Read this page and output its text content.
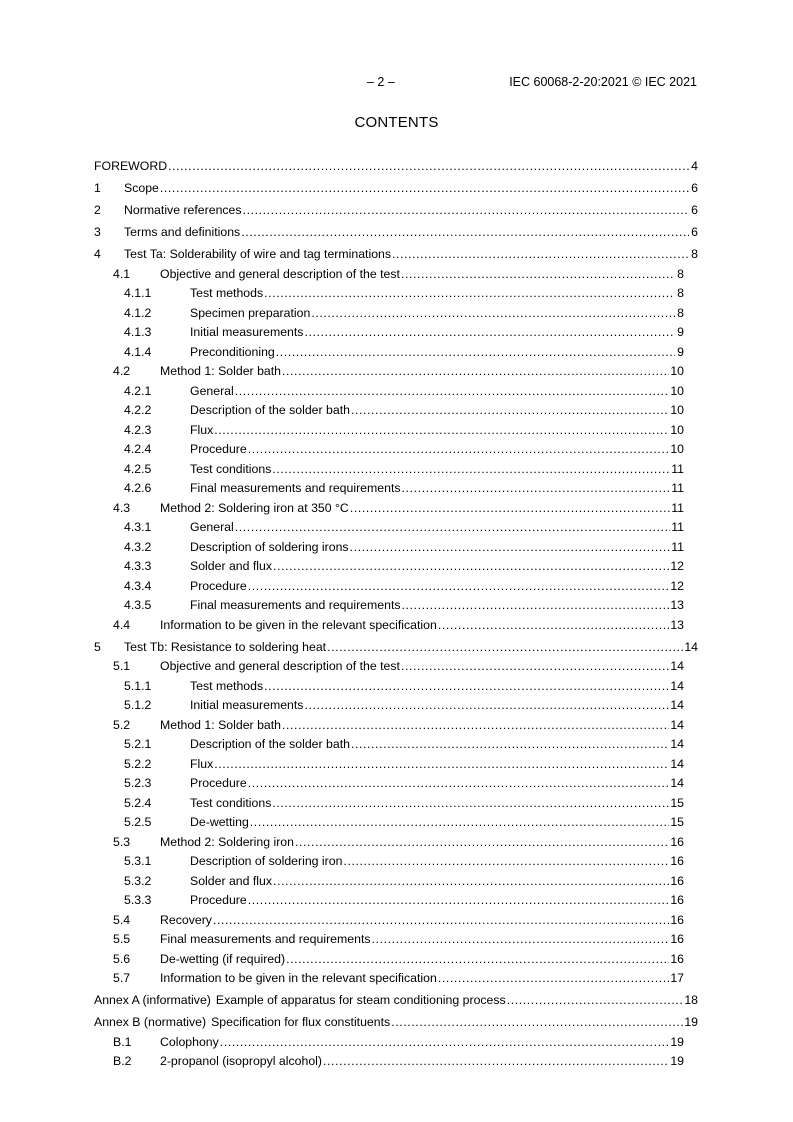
– 2 –	IEC 60068-2-20:2021 © IEC 2021
CONTENTS
FOREWORD .....	4
1	Scope .....	6
2	Normative references .....	6
3	Terms and definitions .....	6
4	Test Ta: Solderability of wire and tag terminations .....	8
4.1	Objective and general description of the test .....	8
4.1.1	Test methods .....	8
4.1.2	Specimen preparation .....	8
4.1.3	Initial measurements .....	9
4.1.4	Preconditioning .....	9
4.2	Method 1: Solder bath .....	10
4.2.1	General .....	10
4.2.2	Description of the solder bath .....	10
4.2.3	Flux .....	10
4.2.4	Procedure .....	10
4.2.5	Test conditions .....	11
4.2.6	Final measurements and requirements .....	11
4.3	Method 2: Soldering iron at 350 °C .....	11
4.3.1	General .....	11
4.3.2	Description of soldering irons .....	11
4.3.3	Solder and flux .....	12
4.3.4	Procedure .....	12
4.3.5	Final measurements and requirements .....	13
4.4	Information to be given in the relevant specification .....	13
5	Test Tb: Resistance to soldering heat .....	14
5.1	Objective and general description of the test .....	14
5.1.1	Test methods .....	14
5.1.2	Initial measurements .....	14
5.2	Method 1: Solder bath .....	14
5.2.1	Description of the solder bath .....	14
5.2.2	Flux .....	14
5.2.3	Procedure .....	14
5.2.4	Test conditions .....	15
5.2.5	De-wetting .....	15
5.3	Method 2: Soldering iron .....	16
5.3.1	Description of soldering iron .....	16
5.3.2	Solder and flux .....	16
5.3.3	Procedure .....	16
5.4	Recovery .....	16
5.5	Final measurements and requirements .....	16
5.6	De-wetting (if required) .....	16
5.7	Information to be given in the relevant specification .....	17
Annex A (informative) Example of apparatus for steam conditioning process .....	18
Annex B (normative) Specification for flux constituents .....	19
B.1	Colophony .....	19
B.2	2-propanol (isopropyl alcohol) .....	19
